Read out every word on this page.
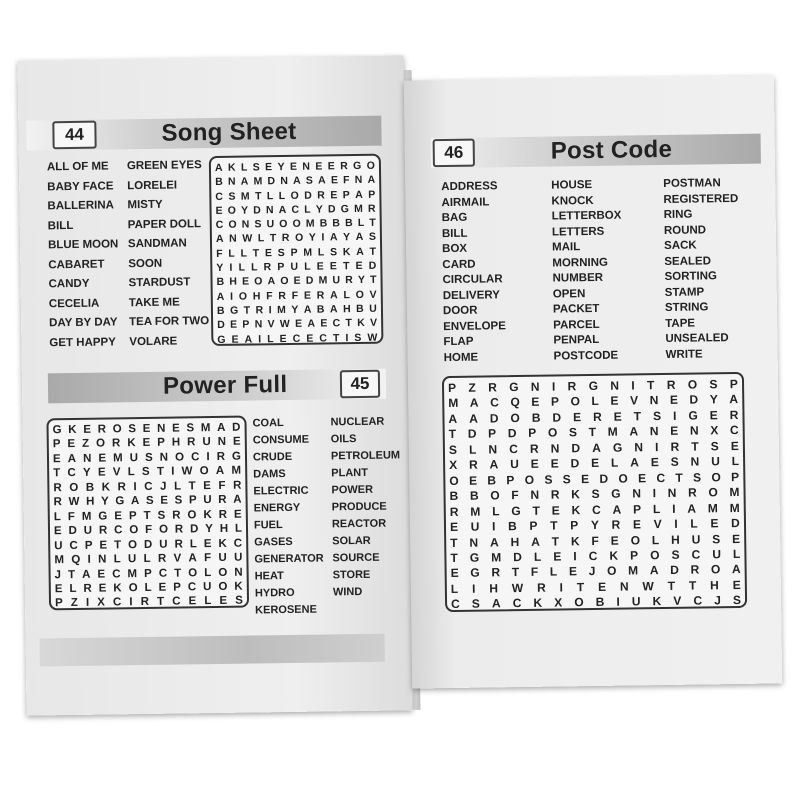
44	Song Sheet
ALL OF ME
BABY FACE
BALLERINA
BILL
BLUE MOON
CABARET
CANDY
CECELIA
DAY BY DAY
GET HAPPY
GREEN EYES
LORELEI
MISTY
PAPER DOLL
SANDMAN
SOON
STARDUST
TAKE ME
TEA FOR TWO
VOLARE
A K L S E Y E N E E R G O
B N A M D N A S A E F N A
C S M T L L O D R E P A P
E O Y D N A C L Y D G M R
C O N S U O O M B B B L T
A N W L T R O Y I A Y A S
F L L T E S P M L S K A T
Y I L L R P U L E E T E D
B H E O A O E D M U R Y T
A I O H F R F E R A L O V
B G T R I M Y A B A H B U
D E P N V W E A E C T K V
G E A I L E C E C T I S W
Power Full	45
G K E R O S E N E S M A D
P E Z O R K E P H R U N E
E A N E M U S N O C I R G
T C Y E V L S T I W O A M
R O B K R I C J L T E F R
R W H Y G A S E S P U R A
L F M G E P T S R O K R E
E D U R C O F O R D Y H L
U C P E T O D U R L E K C
M Q I N L U L R V A F U U
J T A E C M P C T O L O N
E L R E K O L E P C U O K
P Z I X C I R T C E L E S
COAL
CONSUME
CRUDE
DAMS
ELECTRIC
ENERGY
FUEL
GASES
GENERATOR
HEAT
HYDRO
KEROSENE
NUCLEAR
OILS
PETROLEUM
PLANT
POWER
PRODUCE
REACTOR
SOLAR
SOURCE
STORE
WIND
46	Post Code
ADDRESS
AIRMAIL
BAG
BILL
BOX
CARD
CIRCULAR
DELIVERY
DOOR
ENVELOPE
FLAP
HOME
HOUSE
KNOCK
LETTERBOX
LETTERS
MAIL
MORNING
NUMBER
OPEN
PACKET
PARCEL
PENPAL
POSTCODE
POSTMAN
REGISTERED
RING
ROUND
SACK
SEALED
SORTING
STAMP
STRING
TAPE
UNSEALED
WRITE
P Z R G N I R G N I T R O S P
M A C Q E P O L E V N E D Y A
A A D O B D E R E T S I G E R
T D P D P O S T M A N E N X C
S L N C R N D A G N I R T S E
X R A U E E D E L A E S N U L
O E B P O S S E D O E C T S O P
B B O F N R K S G N I N R O M
R M L G T E K C A P L I A M M
E U I B P T P Y R E V I L E D
T N A H A T K F E O L H U S E
T G M D L E I C K P O S C U L
E G R T F L E J O M A D R O A
L I H W R I T E N W T T H E
C S A C K X O B I U K V C J S
